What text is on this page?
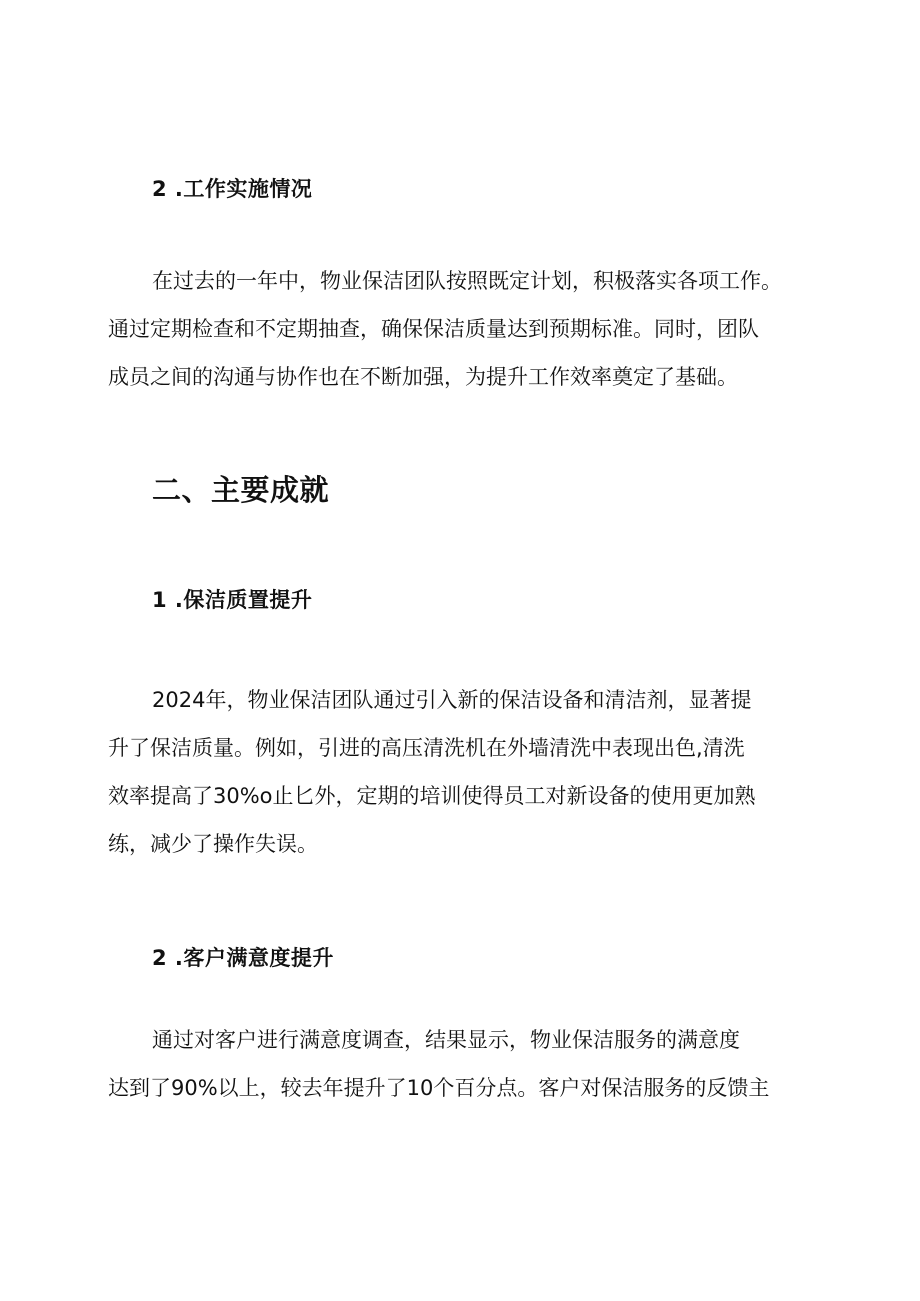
2 .工作实施情况
在过去的一年中，物业保洁团队按照既定计划，积极落实各项工作。
通过定期检查和不定期抽查，确保保洁质量达到预期标准。同时，团队
成员之间的沟通与协作也在不断加强，为提升工作效率奠定了基础。
二、主要成就
1 .保洁质置提升
2024年，物业保洁团队通过引入新的保洁设备和清洁剂，显著提
升了保洁质量。例如，引进的高压清洗机在外墙清洗中表现出色,清洗
效率提高了30%o止匕外，定期的培训使得员工对新设备的使用更加熟
练，减少了操作失误。
2 .客户满意度提升
通过对客户进行满意度调查，结果显示，物业保洁服务的满意度
达到了90%以上，较去年提升了10个百分点。客户对保洁服务的反馈主
